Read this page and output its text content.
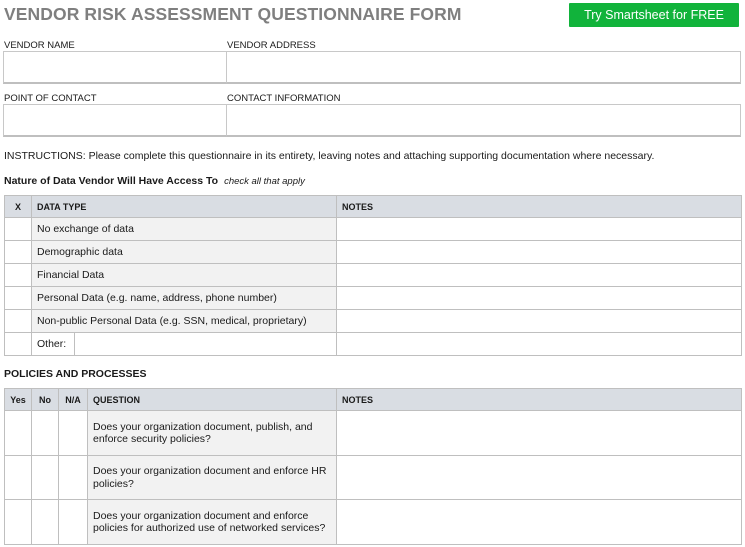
VENDOR RISK ASSESSMENT QUESTIONNAIRE FORM	Try Smartsheet for FREE
VENDOR NAME	VENDOR ADDRESS
POINT OF CONTACT	CONTACT INFORMATION
INSTRUCTIONS: Please complete this questionnaire in its entirety, leaving notes and attaching supporting documentation where necessary.
Nature of Data Vendor Will Have Access To check all that apply
X	DATA TYPE	NOTES
	No exchange of data	
	Demographic data	
	Financial Data	
	Personal Data (e.g. name, address, phone number)	
	Non-public Personal Data (e.g. SSN, medical, proprietary)	

	Other:	

POLICIES AND PROCESSES
Yes	No	N/A	QUESTION	NOTES
			Does your organization document, publish, and enforce security policies?	
			Does your organization document and enforce HR policies?	
			Does your organization document and enforce policies for authorized use of networked services?	
